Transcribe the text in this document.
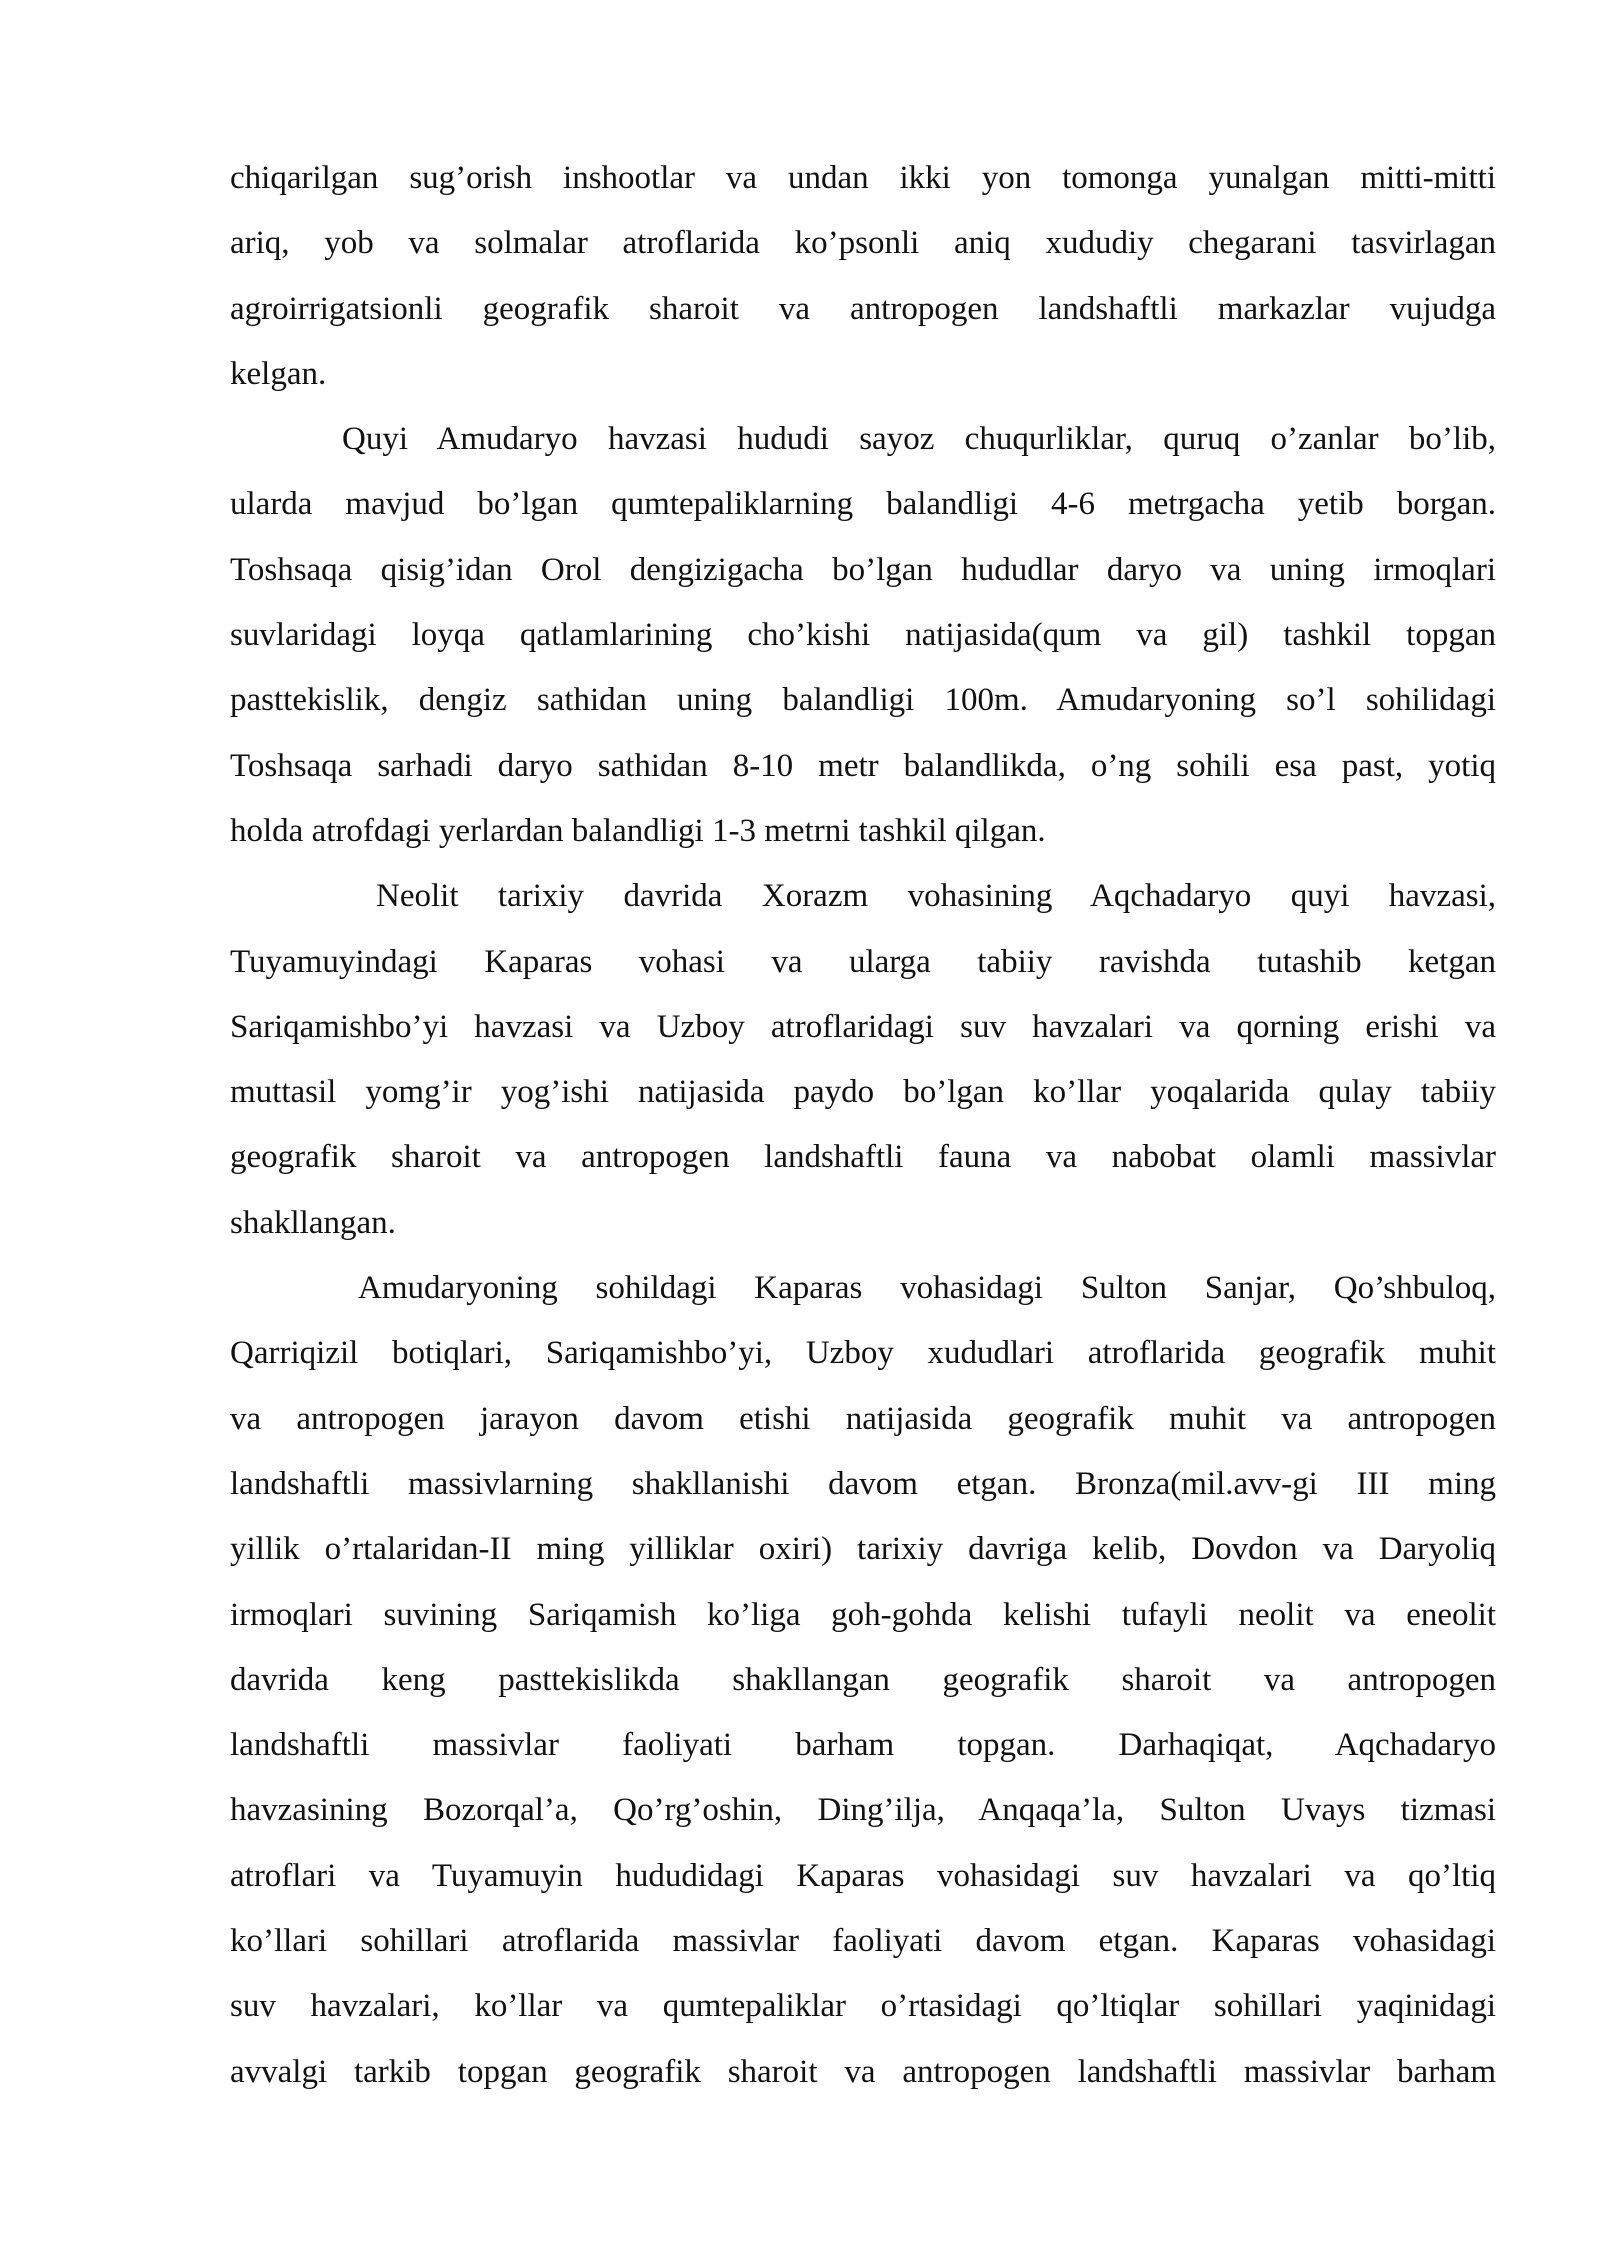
chiqarilgan sug’orish inshootlar va undan ikki yon tomonga yunalgan mitti-mitti
ariq, yob va solmalar atroflarida ko’psonli aniq xududiy chegarani tasvirlagan
agroirrigatsionli geografik sharoit va antropogen landshaftli markazlar vujudga
kelgan.
Quyi Amudaryo havzasi hududi sayoz chuqurliklar, quruq o’zanlar bo’lib,
ularda mavjud bo’lgan qumtepaliklarning balandligi 4-6 metrgacha yetib borgan.
Toshsaqa qisig’idan Orol dengizigacha bo’lgan hududlar daryo va uning irmoqlari
suvlaridagi loyqa qatlamlarining cho’kishi natijasida(qum va gil) tashkil topgan
pasttekislik, dengiz sathidan uning balandligi 100m. Amudaryoning so’l sohilidagi
Toshsaqa sarhadi daryo sathidan 8-10 metr balandlikda, o’ng sohili esa past, yotiq
holda atrofdagi yerlardan balandligi 1-3 metrni tashkil qilgan.
Neolit tarixiy davrida Xorazm vohasining Aqchadaryo quyi havzasi,
Tuyamuyindagi Kaparas vohasi va ularga tabiiy ravishda tutashib ketgan
Sariqamishbo’yi havzasi va Uzboy atroflaridagi suv havzalari va qorning erishi va
muttasil yomg’ir yog’ishi natijasida paydo bo’lgan ko’llar yoqalarida qulay tabiiy
geografik sharoit va antropogen landshaftli fauna va nabobat olamli massivlar
shakllangan.
Amudaryoning sohildagi Kaparas vohasidagi Sulton Sanjar, Qo’shbuloq,
Qarriqizil botiqlari, Sariqamishbo’yi, Uzboy xududlari atroflarida geografik muhit
va antropogen jarayon davom etishi natijasida geografik muhit va antropogen
landshaftli massivlarning shakllanishi davom etgan. Bronza(mil.avv-gi III ming
yillik o’rtalaridan-II ming yilliklar oxiri) tarixiy davriga kelib, Dovdon va Daryoliq
irmoqlari suvining Sariqamish ko’liga goh-gohda kelishi tufayli neolit va eneolit
davrida keng pasttekislikda shakllangan geografik sharoit va antropogen
landshaftli massivlar faoliyati barham topgan. Darhaqiqat, Aqchadaryo
havzasining Bozorqal’a, Qo’rg’oshin, Ding’ilja, Anqaqa’la, Sulton Uvays tizmasi
atroflari va Tuyamuyin hududidagi Kaparas vohasidagi suv havzalari va qo’ltiq
ko’llari sohillari atroflarida massivlar faoliyati davom etgan. Kaparas vohasidagi
suv havzalari, ko’llar va qumtepaliklar o’rtasidagi qo’ltiqlar sohillari yaqinidagi
avvalgi tarkib topgan geografik sharoit va antropogen landshaftli massivlar barham
